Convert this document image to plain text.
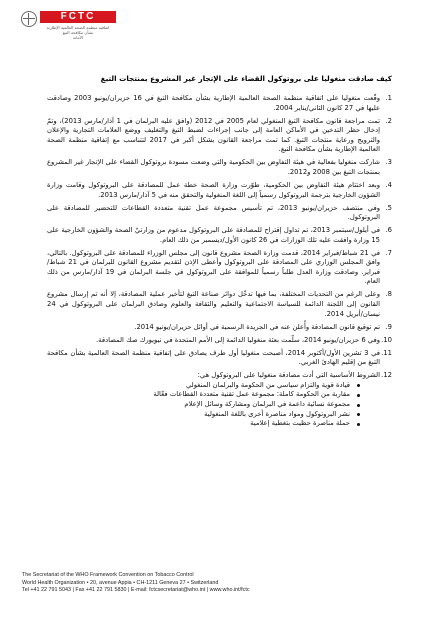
FCTC
اتفاقية منظمة الصحة العالمية الإطارية
بشأن مكافحة التبغ
الأمانة
كيف صادقت منغوليا على بروتوكول القضاء على الإتجار غير المشروع بمنتجات التبغ
1.
وقّعت منغوليا على اتفاقية منظمة الصحة العالمية الإطارية بشأن مكافحة التبغ في 16 حزيران/يونيو 2003 وصادقت عليها في 27 كانون الثاني/يناير 2004.
2.
تمت مراجعة قانون مكافحة التبغ المنغولي لعام 2005 في 2012 (وافق عليه البرلمان في 1 آذار/مارس 2013)، وتمّ إدخال حظر التدخين في الأماكن العامة إلى جانب إجراءات لضبط التبغ والتغليف ووضع العلامات التجارية والإعلان والترويج ورعاية منتجات التبغ. كما تمت مراجعة القانون بشكل أكبر في 2017 لتتناسب مع إتفاقية منظمة الصحة العالمية الإطارية بشأن مكافحة التبغ.
3.
شاركت منغوليا بفعالية في هيئة التفاوض بين الحكومية والتي وضعت مسودة بروتوكول القضاء على الإتجار غير المشروع بمنتجات التبغ بين 2008 و2012.
4.
وبعد اختتام هيئة التفاوض بين الحكومية، طوّرت وزارة الصحة خطة عمل للمصادقة على البروتوكول وقامت وزارة الشؤون الخارجية بترجمة البروتوكول رسمياً إلى اللغة المنغولية والتحقق منه في 5 آذار/مارس 2013.
5.
وفي منتصف حزيران/يونيو 2013، تم تأسيس مجموعة عمل تقنية متعددة القطاعات للتحضير للمصادقة على البروتوكول.
6.
في أيلول/سبتمبر 2013، تم تداول إقتراح للمصادقة على البروتوكول مدعوم من وزارتيّ الصحة والشؤون الخارجية على 15 وزارة وافقت عليه تلك الوزارات في 26 كانون الأول/ديسمبر من ذلك العام.
7.
في 21 شباط/فبراير 2014، قدمت وزارة الصحة مشروع قانون إلى مجلس الوزراء للمصادقة على البروتوكول. بالتالي، وافق المجلس الوزاري على المصادقة على البروتوكول وأعطى الإذن لتقديم مشروع القانون للبرلمان في 21 شباط/فبراير. وصادقت وزارة العدل طلباً رسمياً للموافقة على البروتوكول في جلسة البرلمان في 19 آذار/مارس من ذلك العام.
8.
وعلى الرغم من التحديات المختلفة، بما فيها تدخّل دوائر صناعة التبغ لتأخير عملية المصادقة، إلا أنه تم إرسال مشروع القانون إلى اللجنة الدائمة للسياسة الاجتماعية والتعليم والثقافة والعلوم وصادق البرلمان على البروتوكول في 24 نيسان/أبريل 2014.
9.
تم توقيع قانون المصادقة وأُعلن عنه في الجريدة الرسمية في أوائل حزيران/يونيو 2014.
10.
وفي 6 حزيران/يونيو 2014، سلّمت بعثة منغوليا الدائمة إلى الأمم المتحدة في نيويورك صك المصادقة.
11.
في 3 تشرين الأول/أكتوبر 2014، أصبحت منغوليا أول طرف يصادق على إتفاقية منظمة الصحة العالمية بشأن مكافحة التبغ من إقليم الهادئ الغربي.
12.
الشروط الأساسية التي أدت مصادقة منغوليا على البروتوكول هي:
قيادة قوية والتزام سياسي من الحكومة والبرلمان المنغولي
مقاربة من الحكومة كاملة: مجموعة عمل تقنية متعددة القطاعات فعّالة
مجموعة نسائية داعمة في البرلمان ومشاركة وسائل الإعلام
نشر البروتوكول ومواد مناصرة أخرى باللغة المنغولية
حملة مناصرة حظيت بتغطية إعلامية
The Secretariat of the WHO Framework Convention on Tobacco Control
World Health Organization • 20, avenue Appia • CH-1211 Geneva 27 • Switzerland
Tel +41 22 791 5043 | Fax +41 22 791 5830 | E-mail: fctcsecretariat@who.int | www.who.int/fctc
